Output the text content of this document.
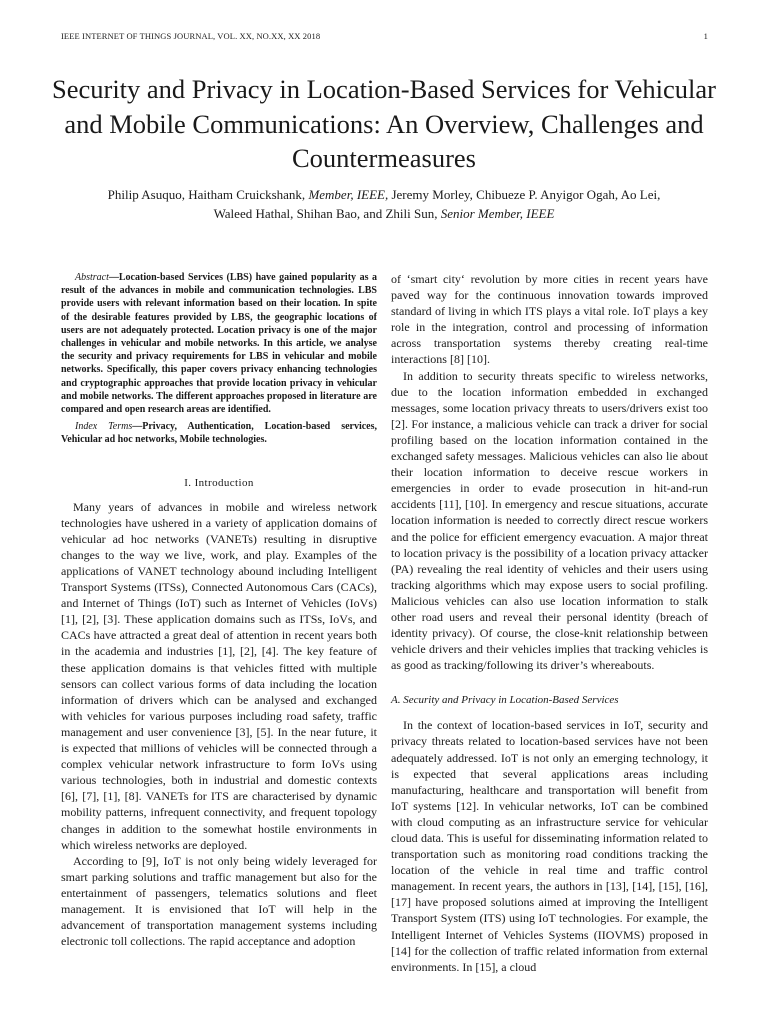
IEEE INTERNET OF THINGS JOURNAL, VOL. XX, NO.XX, XX 2018	1
Security and Privacy in Location-Based Services for Vehicular and Mobile Communications: An Overview, Challenges and Countermeasures
Philip Asuquo, Haitham Cruickshank, Member, IEEE, Jeremy Morley, Chibueze P. Anyigor Ogah, Ao Lei,
Waleed Hathal, Shihan Bao, and Zhili Sun, Senior Member, IEEE

Abstract—Location-based Services (LBS) have gained popularity as a result of the advances in mobile and communication technologies. LBS provide users with relevant information based on their location. In spite of the desirable features provided by LBS, the geographic locations of users are not adequately protected. Location privacy is one of the major challenges in vehicular and mobile networks. In this article, we analyse the security and privacy requirements for LBS in vehicular and mobile networks. Specifically, this paper covers privacy enhancing technologies and cryptographic approaches that provide location privacy in vehicular and mobile networks. The different approaches proposed in literature are compared and open research areas are identified.

Index Terms—Privacy, Authentication, Location-based services, Vehicular ad hoc networks, Mobile technologies.

I. Introduction

Many years of advances in mobile and wireless network technologies have ushered in a variety of application domains of vehicular ad hoc networks (VANETs) resulting in disruptive changes to the way we live, work, and play. Examples of the applications of VANET technology abound including Intelligent Transport Systems (ITSs), Connected Autonomous Cars (CACs), and Internet of Things (IoT) such as Internet of Vehicles (IoVs) [1], [2], [3]. These application domains such as ITSs, IoVs, and CACs have attracted a great deal of attention in recent years both in the academia and industries [1], [2], [4]. The key feature of these application domains is that vehicles fitted with multiple sensors can collect various forms of data including the location information of drivers which can be analysed and exchanged with vehicles for various purposes including road safety, traffic management and user convenience [3], [5]. In the near future, it is expected that millions of vehicles will be connected through a complex vehicular network infrastructure to form IoVs using various technologies, both in industrial and domestic contexts [6], [7], [1], [8]. VANETs for ITS are characterised by dynamic mobility patterns, infrequent connectivity, and frequent topology changes in addition to the somewhat hostile environments in which wireless networks are deployed.

According to [9], IoT is not only being widely leveraged for smart parking solutions and traffic management but also for the entertainment of passengers, telematics solutions and fleet management. It is envisioned that IoT will help in the advancement of transportation management systems including electronic toll collections. The rapid acceptance and adoption

of ‘smart city‘ revolution by more cities in recent years have paved way for the continuous innovation towards improved standard of living in which ITS plays a vital role. IoT plays a key role in the integration, control and processing of information across transportation systems thereby creating real-time interactions [8] [10].

In addition to security threats specific to wireless networks, due to the location information embedded in exchanged messages, some location privacy threats to users/drivers exist too [2]. For instance, a malicious vehicle can track a driver for social profiling based on the location information contained in the exchanged safety messages. Malicious vehicles can also lie about their location information to deceive rescue workers in emergencies in order to evade prosecution in hit-and-run accidents [11], [10]. In emergency and rescue situations, accurate location information is needed to correctly direct rescue workers and the police for efficient emergency evacuation. A major threat to location privacy is the possibility of a location privacy attacker (PA) revealing the real identity of vehicles and their users using tracking algorithms which may expose users to social profiling. Malicious vehicles can also use location information to stalk other road users and reveal their personal identity (breach of identity privacy). Of course, the close-knit relationship between vehicle drivers and their vehicles implies that tracking vehicles is as good as tracking/following its driver’s whereabouts.

A. Security and Privacy in Location-Based Services

In the context of location-based services in IoT, security and privacy threats related to location-based services have not been adequately addressed. IoT is not only an emerging technology, it is expected that several applications areas including manufacturing, healthcare and transportation will benefit from IoT systems [12]. In vehicular networks, IoT can be combined with cloud computing as an infrastructure service for vehicular cloud data. This is useful for disseminating information related to transportation such as monitoring road conditions tracking the location of the vehicle in real time and traffic control management. In recent years, the authors in [13], [14], [15], [16], [17] have proposed solutions aimed at improving the Intelligent Transport System (ITS) using IoT technologies. For example, the Intelligent Internet of Vehicles Systems (IIOVMS) proposed in [14] for the collection of traffic related information from external environments. In [15], a cloud
